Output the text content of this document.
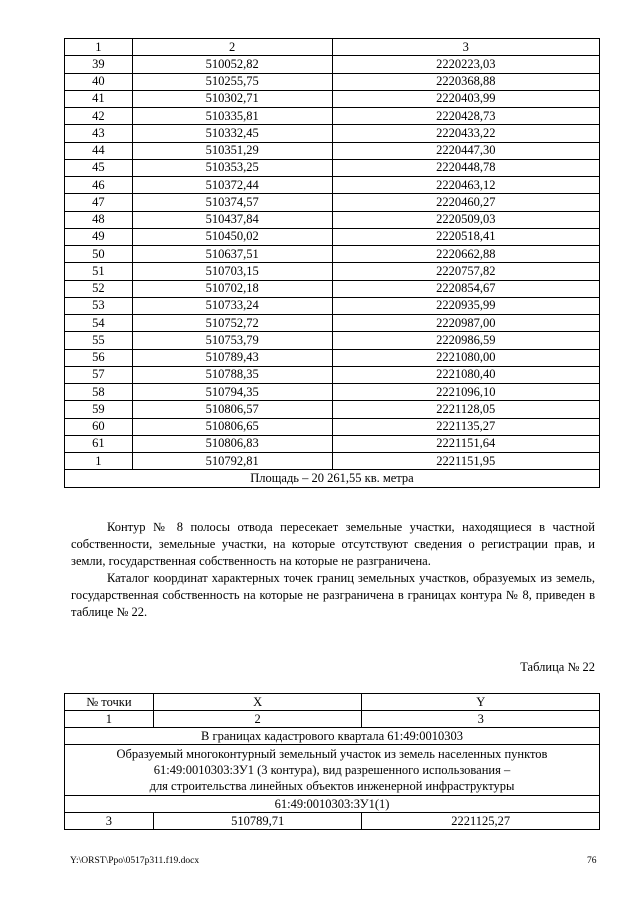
1	2	3
39	510052,82	2220223,03
40	510255,75	2220368,88
41	510302,71	2220403,99
42	510335,81	2220428,73
43	510332,45	2220433,22
44	510351,29	2220447,30
45	510353,25	2220448,78
46	510372,44	2220463,12
47	510374,57	2220460,27
48	510437,84	2220509,03
49	510450,02	2220518,41
50	510637,51	2220662,88
51	510703,15	2220757,82
52	510702,18	2220854,67
53	510733,24	2220935,99
54	510752,72	2220987,00
55	510753,79	2220986,59
56	510789,43	2221080,00
57	510788,35	2221080,40
58	510794,35	2221096,10
59	510806,57	2221128,05
60	510806,65	2221135,27
61	510806,83	2221151,64
1	510792,81	2221151,95
Площадь – 20 261,55 кв. метра		

Контур № 8 полосы отвода пересекает земельные участки, находящиеся в частной собственности, земельные участки, на которые отсутствуют сведения о регистрации прав, и земли, государственная собственность на которые не разграничена.

Каталог координат характерных точек границ земельных участков, образуемых из земель, государственная собственность на которые не разграничена в границах контура № 8, приведен в таблице № 22.

Таблица № 22
№ точки	X	Y
1	2	3
В границах кадастрового квартала 61:49:0010303		

Образуемый многоконтурный земельный участок из земель населенных пунктов
61:49:0010303:ЗУ1 (3 контура), вид разрешенного использования –
для строительства линейных объектов инженерной инфраструктуры		

61:49:0010303:ЗУ1(1)		
3	510789,71	2221125,27
Y:\ORST\Ppo\0517p311.f19.docx	76
